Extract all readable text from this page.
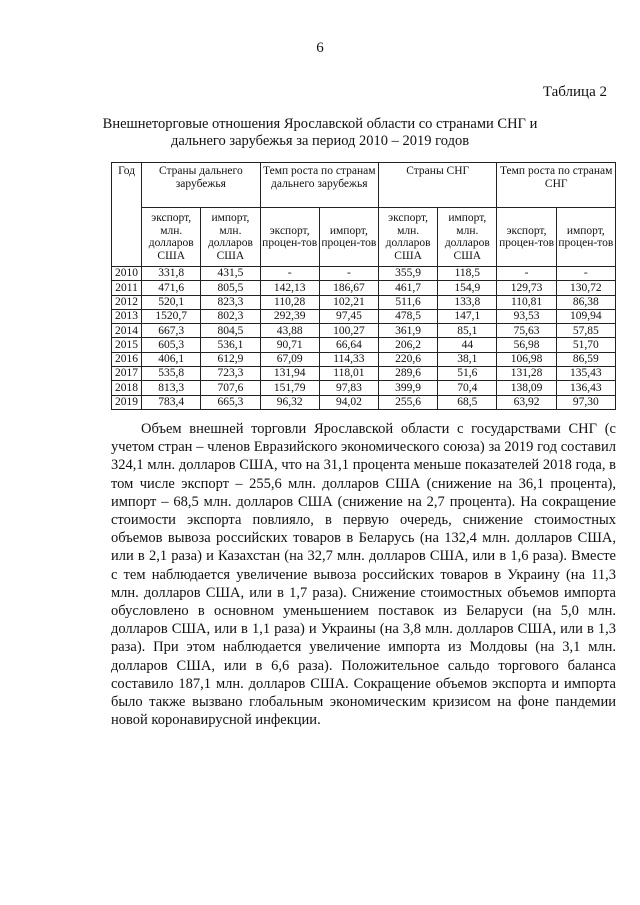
6
Таблица 2
Внешнеторговые отношения Ярославской области со странами СНГ и дальнего зарубежья за период 2010 – 2019 годов
Год	Страны дальнего зарубежья		Темп роста по странам дальнего зарубежья		Страны СНГ		Темп роста по странам СНГ	
	экспорт, млн. долларов США	импорт, млн. долларов США	экспорт, процен-тов	импорт, процен-тов	экспорт, млн. долларов США	импорт, млн. долларов США	экспорт, процен-тов	импорт, процен-тов
2010	331,8	431,5	-	-	355,9	118,5	-	-
2011	471,6	805,5	142,13	186,67	461,7	154,9	129,73	130,72
2012	520,1	823,3	110,28	102,21	511,6	133,8	110,81	86,38
2013	1520,7	802,3	292,39	97,45	478,5	147,1	93,53	109,94
2014	667,3	804,5	43,88	100,27	361,9	85,1	75,63	57,85
2015	605,3	536,1	90,71	66,64	206,2	44	56,98	51,70
2016	406,1	612,9	67,09	114,33	220,6	38,1	106,98	86,59
2017	535,8	723,3	131,94	118,01	289,6	51,6	131,28	135,43
2018	813,3	707,6	151,79	97,83	399,9	70,4	138,09	136,43
2019	783,4	665,3	96,32	94,02	255,6	68,5	63,92	97,30

Объем внешней торговли Ярославской области с государствами СНГ (с учетом стран – членов Евразийского экономического союза) за 2019 год составил 324,1 млн. долларов США, что на 31,1 процента меньше показателей 2018 года, в том числе экспорт – 255,6 млн. долларов США (снижение на 36,1 процента), импорт – 68,5 млн. долларов США (снижение на 2,7 процента). На сокращение стоимости экспорта повлияло, в первую очередь, снижение стоимостных объемов вывоза российских товаров в Беларусь (на 132,4 млн. долларов США, или в 2,1 раза) и Казахстан (на 32,7 млн. долларов США, или в 1,6 раза). Вместе с тем наблюдается увеличение вывоза российских товаров в Украину (на 11,3 млн. долларов США, или в 1,7 раза). Снижение стоимостных объемов импорта обусловлено в основном уменьшением поставок из Беларуси (на 5,0 млн. долларов США, или в 1,1 раза) и Украины (на 3,8 млн. долларов США, или в 1,3 раза). При этом наблюдается увеличение импорта из Молдовы (на 3,1 млн. долларов США, или в 6,6 раза). Положительное сальдо торгового баланса составило 187,1 млн. долларов США. Сокращение объемов экспорта и импорта было также вызвано глобальным экономическим кризисом на фоне пандемии новой коронавирусной инфекции.
